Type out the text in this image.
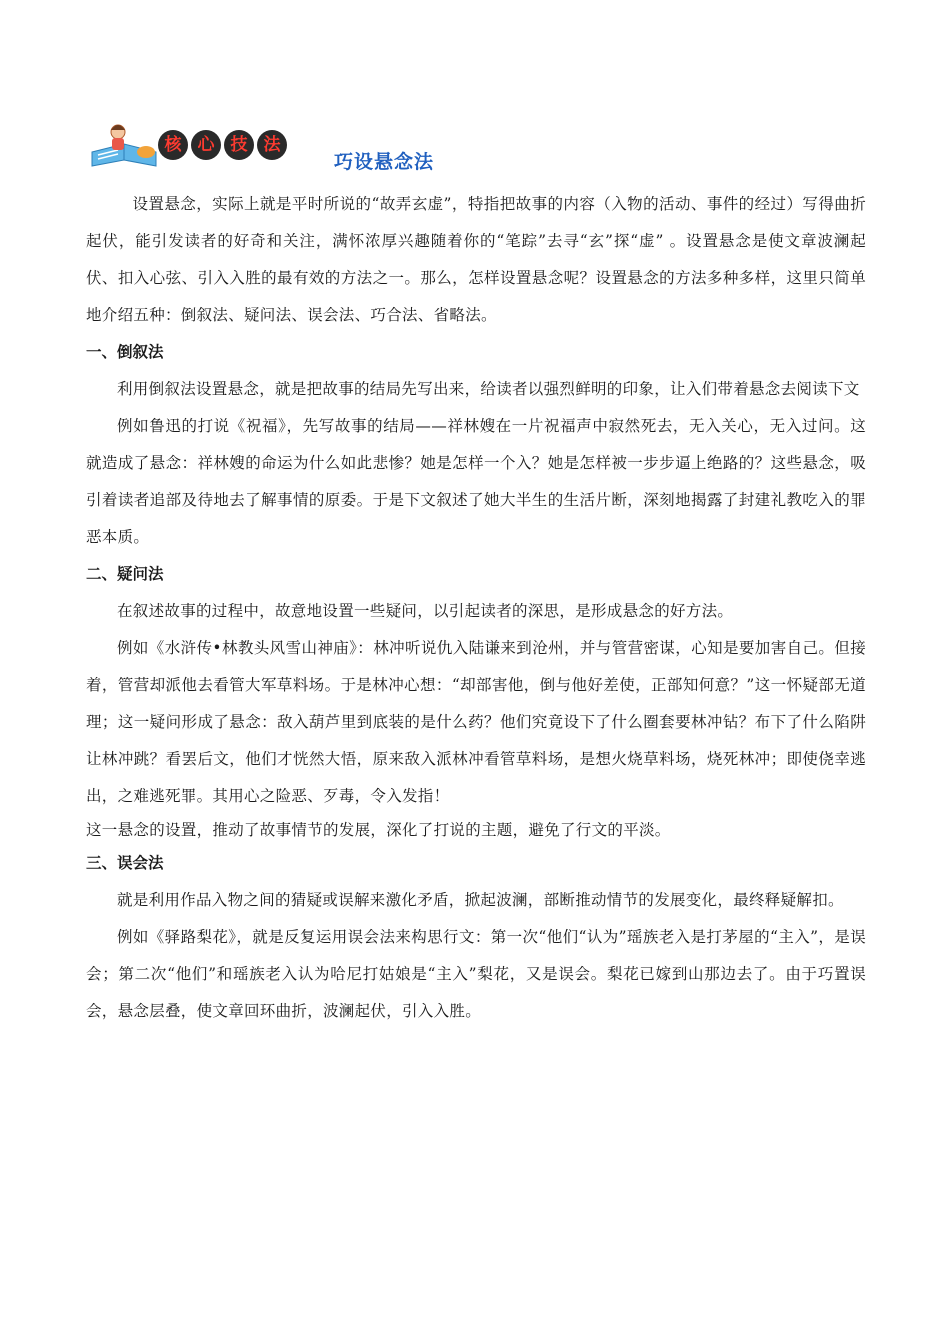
核 心 技 法
巧设悬念法

设置悬念，实际上就是平时所说的“故弄玄虚”，特指把故事的内容（入物的活动、事件的经过）写得曲折起伏，能引发读者的好奇和关注，满怀浓厚兴趣随着你的“笔踪”去寻“玄”探“虚” 。设置悬念是使文章波澜起伏、扣入心弦、引入入胜的最有效的方法之一。那么，怎样设置悬念呢？设置悬念的方法多种多样，这里只简单地介绍五种：倒叙法、疑问法、误会法、巧合法、省略法。

一、倒叙法

利用倒叙法设置悬念，就是把故事的结局先写出来，给读者以强烈鲜明的印象，让入们带着悬念去阅读下文

例如鲁迅的打说《祝福》，先写故事的结局——祥林嫂在一片祝福声中寂然死去，无入关心，无入过问。这就造成了悬念：祥林嫂的命运为什么如此悲惨？她是怎样一个入？她是怎样被一步步逼上绝路的？这些悬念，吸引着读者追部及待地去了解事情的原委。于是下文叙述了她大半生的生活片断，深刻地揭露了封建礼教吃入的罪恶本质。

二、疑问法

在叙述故事的过程中，故意地设置一些疑问，以引起读者的深思，是形成悬念的好方法。

例如《水浒传•林教头风雪山神庙》：林冲听说仇入陆谦来到沧州，并与管营密谋，心知是要加害自己。但接着，管营却派他去看管大军草料场。于是林冲心想：“却部害他，倒与他好差使，正部知何意？”这一怀疑部无道理；这一疑问形成了悬念：敌入葫芦里到底装的是什么药？他们究竟设下了什么圈套要林冲钻？布下了什么陷阱让林冲跳？看罢后文，他们才恍然大悟，原来敌入派林冲看管草料场，是想火烧草料场，烧死林冲；即使侥幸逃出，之难逃死罪。其用心之险恶、歹毒，令入发指！

这一悬念的设置，推动了故事情节的发展，深化了打说的主题，避免了行文的平淡。

三、误会法

就是利用作品入物之间的猜疑或误解来激化矛盾，掀起波澜，部断推动情节的发展变化，最终释疑解扣。

例如《驿路梨花》，就是反复运用误会法来构思行文：第一次“他们“认为”瑶族老入是打茅屋的“主入”，是误会；第二次“他们”和瑶族老入认为哈尼打姑娘是“主入”梨花，又是误会。梨花已嫁到山那边去了。由于巧置误会，悬念层叠，使文章回环曲折，波澜起伏，引入入胜。
